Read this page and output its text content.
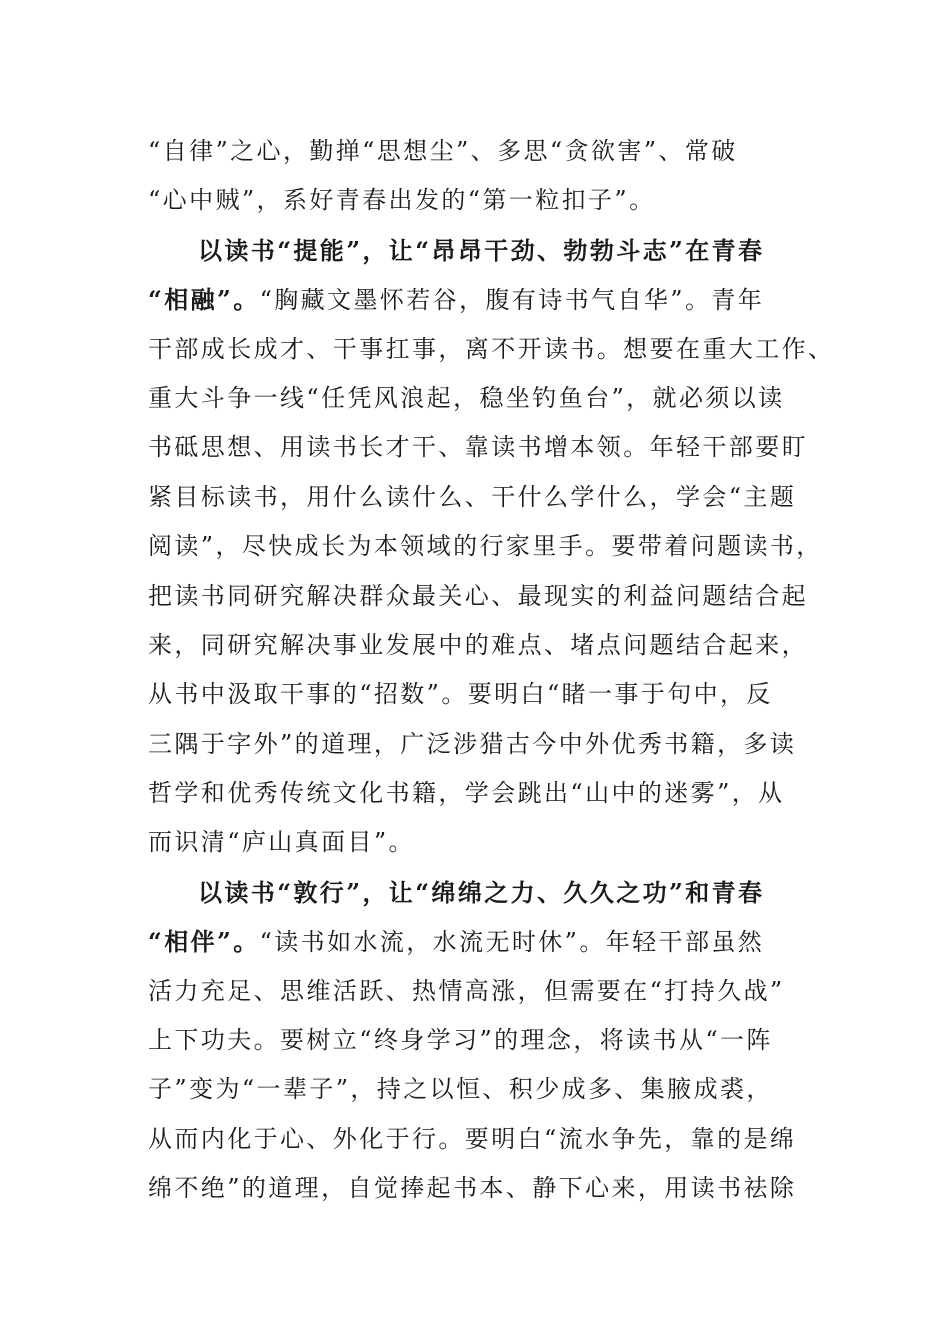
“自律”之心，勤掸“思想尘”、多思“贪欲害”、常破
“心中贼”，系好青春出发的“第一粒扣子”。
以读书“提能”，让“昂昂干劲、勃勃斗志”在青春
“相融”。“胸藏文墨怀若谷，腹有诗书气自华”。青年
干部成长成才、干事扛事，离不开读书。想要在重大工作、
重大斗争一线“任凭风浪起，稳坐钓鱼台”，就必须以读
书砥思想、用读书长才干、靠读书增本领。年轻干部要盯
紧目标读书，用什么读什么、干什么学什么，学会“主题
阅读”，尽快成长为本领域的行家里手。要带着问题读书，
把读书同研究解决群众最关心、最现实的利益问题结合起
来，同研究解决事业发展中的难点、堵点问题结合起来，
从书中汲取干事的“招数”。要明白“睹一事于句中，反
三隅于字外”的道理，广泛涉猎古今中外优秀书籍，多读
哲学和优秀传统文化书籍，学会跳出“山中的迷雾”，从
而识清“庐山真面目”。
以读书“敦行”，让“绵绵之力、久久之功”和青春
“相伴”。“读书如水流，水流无时休”。年轻干部虽然
活力充足、思维活跃、热情高涨，但需要在“打持久战”
上下功夫。要树立“终身学习”的理念，将读书从“一阵
子”变为“一辈子”，持之以恒、积少成多、集腋成裘，
从而内化于心、外化于行。要明白“流水争先，靠的是绵
绵不绝”的道理，自觉捧起书本、静下心来，用读书祛除
